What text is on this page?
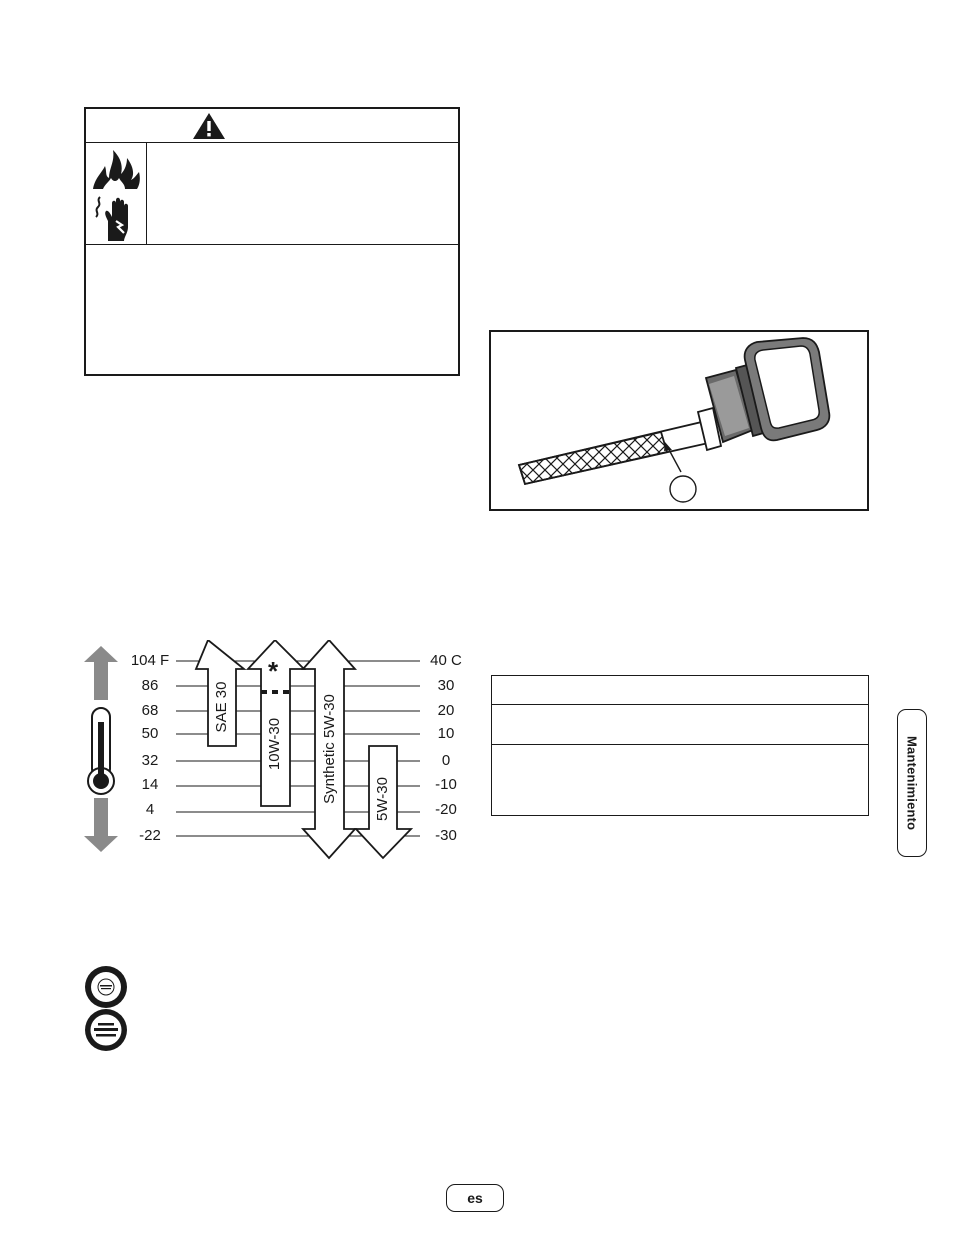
104 F
86
68
50
32
14
4
-22
40 C
30
20
10
0
-10
-20
-30
SAE 30
10W-30	Synthetic 5W-30 5W-30
*
Mantenimiento
es
